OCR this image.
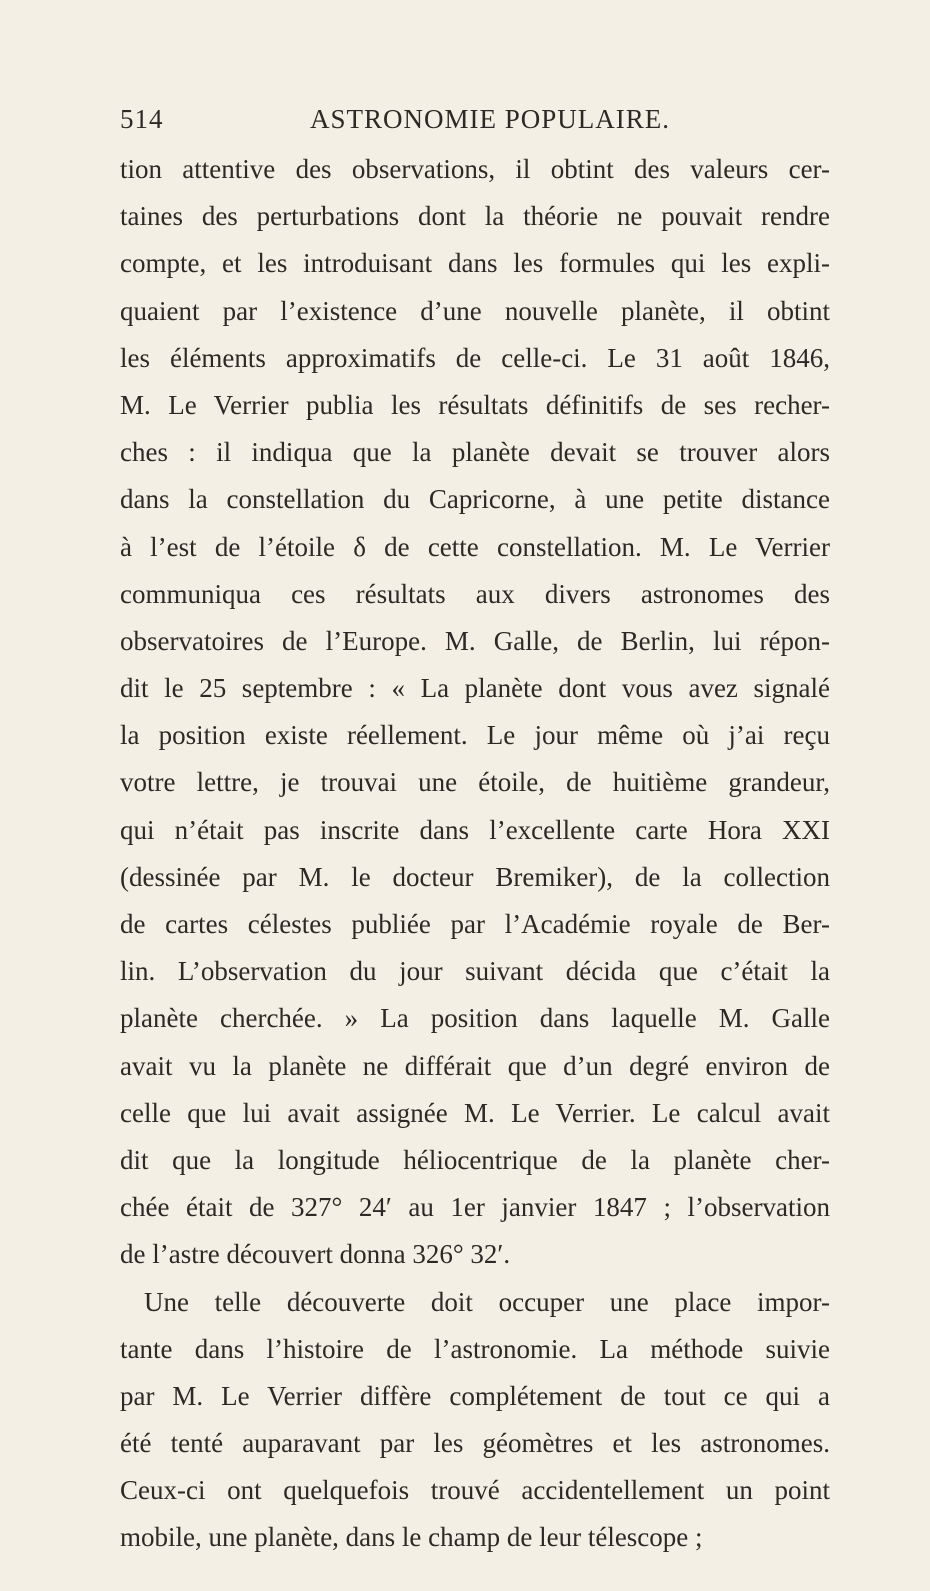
514	ASTRONOMIE POPULAIRE.
tion attentive des observations, il obtint des valeurs cer-
taines des perturbations dont la théorie ne pouvait rendre
compte, et les introduisant dans les formules qui les expli-
quaient par l’existence d’une nouvelle planète, il obtint
les éléments approximatifs de celle-ci. Le 31 août 1846,
M. Le Verrier publia les résultats définitifs de ses recher-
ches : il indiqua que la planète devait se trouver alors
dans la constellation du Capricorne, à une petite distance
à l’est de l’étoile δ de cette constellation. M. Le Verrier
communiqua ces résultats aux divers astronomes des
observatoires de l’Europe. M. Galle, de Berlin, lui répon-
dit le 25 septembre : « La planète dont vous avez signalé
la position existe réellement. Le jour même où j’ai reçu
votre lettre, je trouvai une étoile, de huitième grandeur,
qui n’était pas inscrite dans l’excellente carte Hora XXI
(dessinée par M. le docteur Bremiker), de la collection
de cartes célestes publiée par l’Académie royale de Ber-
lin. L’observation du jour suivant décida que c’était la
planète cherchée. » La position dans laquelle M. Galle
avait vu la planète ne différait que d’un degré environ de
celle que lui avait assignée M. Le Verrier. Le calcul avait
dit que la longitude héliocentrique de la planète cher-
chée était de 327° 24′ au 1er janvier 1847 ; l’observation
de l’astre découvert donna 326° 32′.
Une telle découverte doit occuper une place impor-
tante dans l’histoire de l’astronomie. La méthode suivie
par M. Le Verrier diffère complétement de tout ce qui a
été tenté auparavant par les géomètres et les astronomes.
Ceux-ci ont quelquefois trouvé accidentellement un point
mobile, une planète, dans le champ de leur télescope ;
